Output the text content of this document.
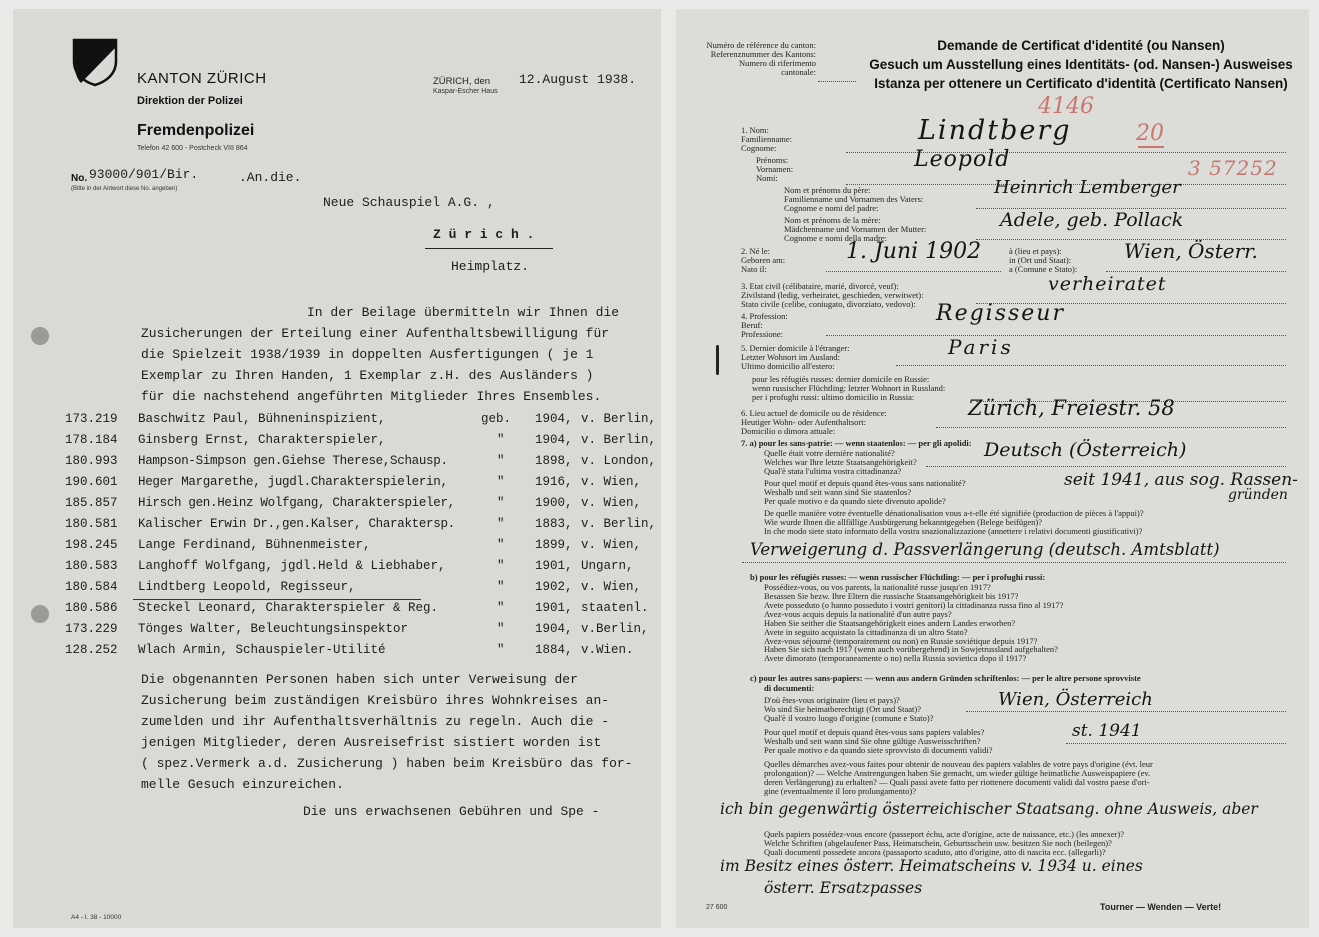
KANTON ZÜRICH
Direktion der Polizei
Fremdenpolizei
Telefon 42 600 - Postcheck VIII 864
ZÜRICH, den 12.August 1938.
Kaspar-Escher Haus
No. 93000/901/Bir.
(Bitte in der Antwort diese No. angeben)
.An.die.
Neue Schauspiel A.G. ,
Z ü r i c h .
Heimplatz.
In der Beilage übermitteln wir Ihnen die
Zusicherungen der Erteilung einer Aufenthaltsbewilligung für
die Spielzeit 1938/1939 in doppelten Ausfertigungen ( je 1
Exemplar zu Ihren Handen, 1 Exemplar z.H. des Ausländers )
für die nachstehend angeführten Mitglieder Ihres Ensembles.
173.219 Baschwitz Paul, Bühneninspizient,	geb. 1904, v. Berlin,
178.184 Ginsberg Ernst, Charakterspieler,	" 1904, v. Berlin,
180.993 Hampson-Simpson gen.Giehse Therese,Schausp.	" 1898, v. London,
190.601 Heger Margarethe, jugdl.Charakterspielerin,	" 1916, v. Wien,
185.857 Hirsch gen.Heinz Wolfgang, Charakterspieler,	" 1900, v. Wien,
180.581 Kalischer Erwin Dr.,gen.Kalser, Charaktersp.	" 1883, v. Berlin,
198.245 Lange Ferdinand, Bühnenmeister,	" 1899, v. Wien,
180.583 Langhoff Wolfgang, jgdl.Held & Liebhaber,	" 1901, Ungarn,
180.584 Lindtberg Leopold, Regisseur,	" 1902, v. Wien,
180.586 Steckel Leonard, Charakterspieler & Reg.	" 1901, staatenl.
173.229 Tönges Walter, Beleuchtungsinspektor	" 1904, v.Berlin,
128.252 Wlach Armin, Schauspieler-Utilité	" 1884, v.Wien.
Die obgenannten Personen haben sich unter Verweisung der
Zusicherung beim zuständigen Kreisbüro ihres Wohnkreises an-
zumelden und ihr Aufenthaltsverhältnis zu regeln. Auch die -
jenigen Mitglieder, deren Ausreisefrist sistiert worden ist
( spez.Vermerk a.d. Zusicherung ) haben beim Kreisbüro das for-
melle Gesuch einzureichen.
Die uns erwachsenen Gebühren und Spe -
A4 - I. 38 - 10000
Numéro de référence du canton:
Referenznummer des Kantons:
Numero di riferimento
cantonale:
Demande de Certificat d'identité (ou Nansen)
Gesuch um Ausstellung eines Identitäts- (od. Nansen-) Ausweises
Istanza per ottenere un Certificato d'identità (Certificato Nansen)
4146
20
3 57252
1. Nom:
Familienname:
Cognome:
Lindtberg
Prénoms:
Vornamen:
Nomi:
Leopold
Nom et prénoms du père:
Familienname und Vornamen des Vaters:
Cognome e nomi del padre:
Heinrich Lemberger
Nom et prénoms de la mère:
Mädchenname und Vornamen der Mutter:
Cognome e nomi della madre:
Adele, geb. Pollack
2. Né le:
Geboren am:
Nato il:
1. Juni 1902	à (lieu et pays):
in (Ort und Staat):
a (Comune e Stato):
Wien, Österr.
3. Etat civil (célibataire, marié, divorcé, veuf):
Zivilstand (ledig, verheiratet, geschieden, verwitwet):
Stato civile (celibe, coniugato, divorziato, vedovo):
verheiratet
4. Profession:
Beruf:
Professione:
Regisseur
5. Dernier domicile à l'étranger:
Letzter Wohnort im Ausland:
Ultimo domicilio all'estero:
Paris
pour les réfugiés russes: dernier domicile en Russie:
wenn russischer Flüchtling: letzter Wohnort in Russland:
per i profughi russi: ultimo domicilio in Russia:
6. Lieu actuel de domicile ou de résidence:
Heutiger Wohn- oder Aufenthaltsort:
Domicilio o dimora attuale:
Zürich, Freiestr. 58
7. a) pour les sans-patrie: — wenn staatenlos: — per gli apolidi:
Quelle était votre dernière nationalité?
Welches war Ihre letzte Staatsangehörigkeit?
Qual'è stata l'ultima vostra cittadinanza?
Deutsch (Österreich)
Pour quel motif et depuis quand êtes-vous sans nationalité?
Weshalb und seit wann sind Sie staatenlos?
Per quale motivo e da quando siete divenuto apolide?
seit 1941, aus sog. Rassen-
gründen
De quelle manière votre éventuelle dénationalisation vous a-t-elle été signifiée (production de pièces à l'appui)?
Wie wurde Ihnen die allfällige Ausbürgerung bekanntgegeben (Belege beifügen)?
In che modo siete stato informato della vostra snazionalizzazione (annettere i relativi documenti giustificativi)?
Verweigerung d. Passverlängerung (deutsch. Amtsblatt)
b) pour les réfugiés russes: — wenn russischer Flüchtling: — per i profughi russi:
Possédiez-vous, ou vos parents, la nationalité russe jusqu'en 1917?
Besassen Sie bezw. Ihre Eltern die russische Staatsangehörigkeit bis 1917?
Avete posseduto (o hanno posseduto i vostri genitori) la cittadinanza russa fino al 1917?
Avez-vous acquis depuis la nationalité d'un autre pays?
Haben Sie seither die Staatsangehörigkeit eines andern Landes erworben?
Avete in seguito acquistato la cittadinanza di un altro Stato?
Avez-vous séjourné (temporairement ou non) en Russie soviétique depuis 1917?
Haben Sie sich nach 1917 (wenn auch vorübergehend) in Sowjetrussland aufgehalten?
Avete dimorato (temporaneamente o no) nella Russia sovietica dopo il 1917?
c) pour les autres sans-papiers: — wenn aus andern Gründen schriftenlos: — per le altre persone sprovviste
di documenti:
D'où êtes-vous originaire (lieu et pays)?
Wo sind Sie heimatberechtigt (Ort und Staat)?
Qual'è il vostro luogo d'origine (comune e Stato)?
Wien, Österreich
Pour quel motif et depuis quand êtes-vous sans papiers valables?
Weshalb und seit wann sind Sie ohne gültige Ausweisschriften?
Per quale motivo e da quando siete sprovvisto di documenti validi?
st. 1941
Quelles démarches avez-vous faites pour obtenir de nouveau des papiers valables de votre pays d'origine (évt. leur
prolongation)? — Welche Anstrengungen haben Sie gemacht, um wieder gültige heimatliche Ausweispapiere (ev.
deren Verlängerung) zu erhalten? — Quali passi avete fatto per riottenere documenti validi dal vostro paese d'ori-
gine (eventualmente il loro prolungamento)?
ich bin gegenwärtig österreichischer Staatsang. ohne Ausweis, aber
Quels papiers possédez-vous encore (passeport échu, acte d'origine, acte de naissance, etc.) (les annexer)?
Welche Schriften (abgelaufener Pass, Heimatschein, Geburtsschein usw. besitzen Sie noch (beilegen)?
Quali documenti possedete ancora (passaporto scaduto, atto d'origine, atto di nascita ecc. (allegarli)?
im Besitz eines österr. Heimatscheins v. 1934 u. eines
österr. Ersatzpasses
27 600	Tourner — Wenden — Verte!
